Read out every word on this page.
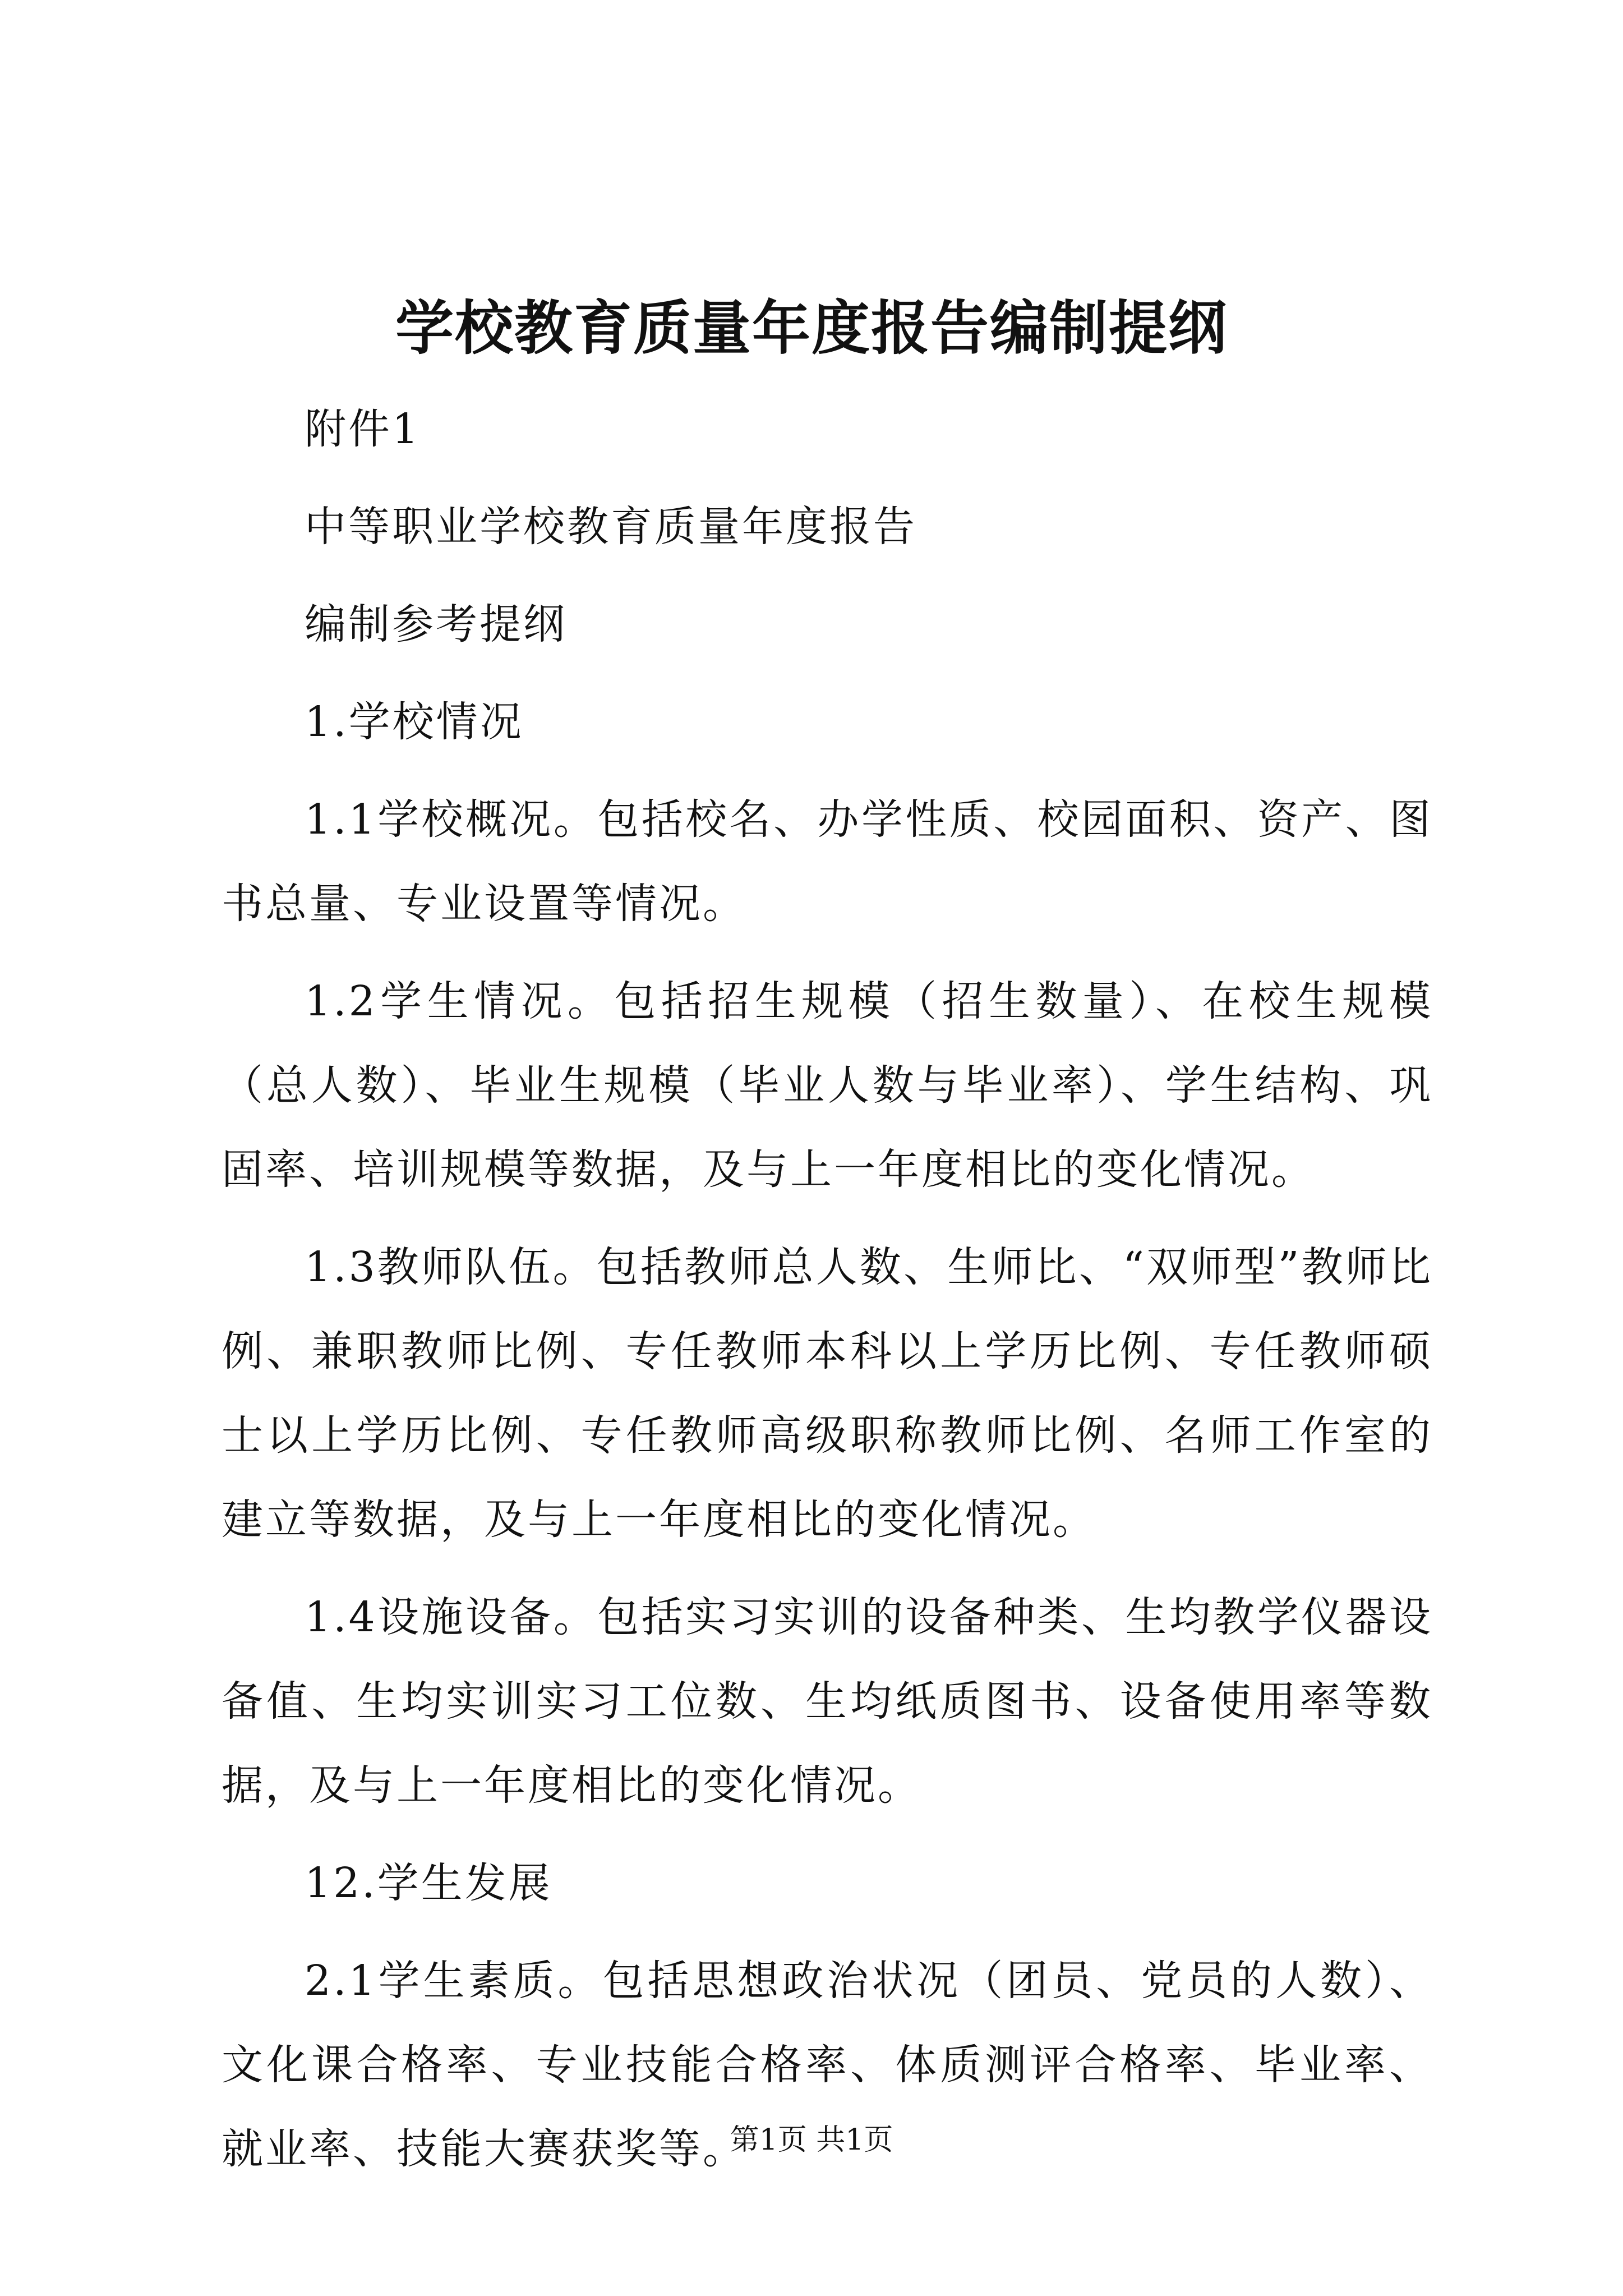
学校教育质量年度报告编制提纲

附件1

中等职业学校教育质量年度报告

编制参考提纲

1.学校情况

1.1学校概况。包括校名、办学性质、校园面积、资产、图书总量、专业设置等情况。

1.2学生情况。包括招生规模（招生数量）、在校生规模（总人数）、毕业生规模（毕业人数与毕业率）、学生结构、巩固率、培训规模等数据，及与上一年度相比的变化情况。

1.3教师队伍。包括教师总人数、生师比、“双师型”教师比例、兼职教师比例、专任教师本科以上学历比例、专任教师硕士以上学历比例、专任教师高级职称教师比例、名师工作室的建立等数据，及与上一年度相比的变化情况。

1.4设施设备。包括实习实训的设备种类、生均教学仪器设备值、生均实训实习工位数、生均纸质图书、设备使用率等数据，及与上一年度相比的变化情况。

12.学生发展

2.1学生素质。包括思想政治状况（团员、党员的人数）、文化课合格率、专业技能合格率、体质测评合格率、毕业率、就业率、技能大赛获奖等。

第1页 共1页
